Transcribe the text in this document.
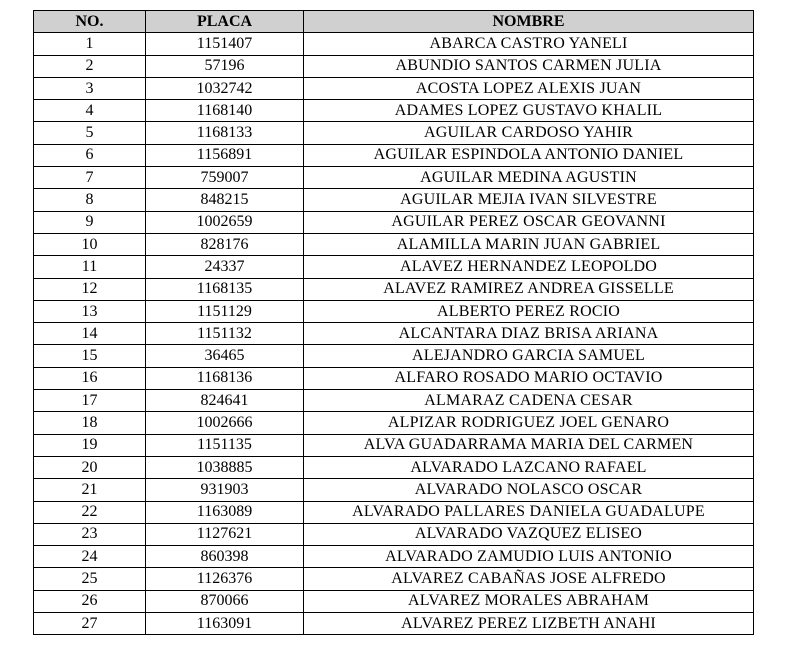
NO.	PLACA	NOMBRE
1	1151407	ABARCA CASTRO YANELI
2	57196	ABUNDIO SANTOS CARMEN JULIA
3	1032742	ACOSTA LOPEZ ALEXIS JUAN
4	1168140	ADAMES LOPEZ GUSTAVO KHALIL
5	1168133	AGUILAR CARDOSO YAHIR
6	1156891	AGUILAR ESPINDOLA ANTONIO DANIEL
7	759007	AGUILAR MEDINA AGUSTIN
8	848215	AGUILAR MEJIA IVAN SILVESTRE
9	1002659	AGUILAR PEREZ OSCAR GEOVANNI
10	828176	ALAMILLA MARIN JUAN GABRIEL
11	24337	ALAVEZ HERNANDEZ LEOPOLDO
12	1168135	ALAVEZ RAMIREZ ANDREA GISSELLE
13	1151129	ALBERTO PEREZ ROCIO
14	1151132	ALCANTARA DIAZ BRISA ARIANA
15	36465	ALEJANDRO GARCIA SAMUEL
16	1168136	ALFARO ROSADO MARIO OCTAVIO
17	824641	ALMARAZ CADENA CESAR
18	1002666	ALPIZAR RODRIGUEZ JOEL GENARO
19	1151135	ALVA GUADARRAMA MARIA DEL CARMEN
20	1038885	ALVARADO LAZCANO RAFAEL
21	931903	ALVARADO NOLASCO OSCAR
22	1163089	ALVARADO PALLARES DANIELA GUADALUPE
23	1127621	ALVARADO VAZQUEZ ELISEO
24	860398	ALVARADO ZAMUDIO LUIS ANTONIO
25	1126376	ALVAREZ CABAÑAS JOSE ALFREDO
26	870066	ALVAREZ MORALES ABRAHAM
27	1163091	ALVAREZ PEREZ LIZBETH ANAHI
